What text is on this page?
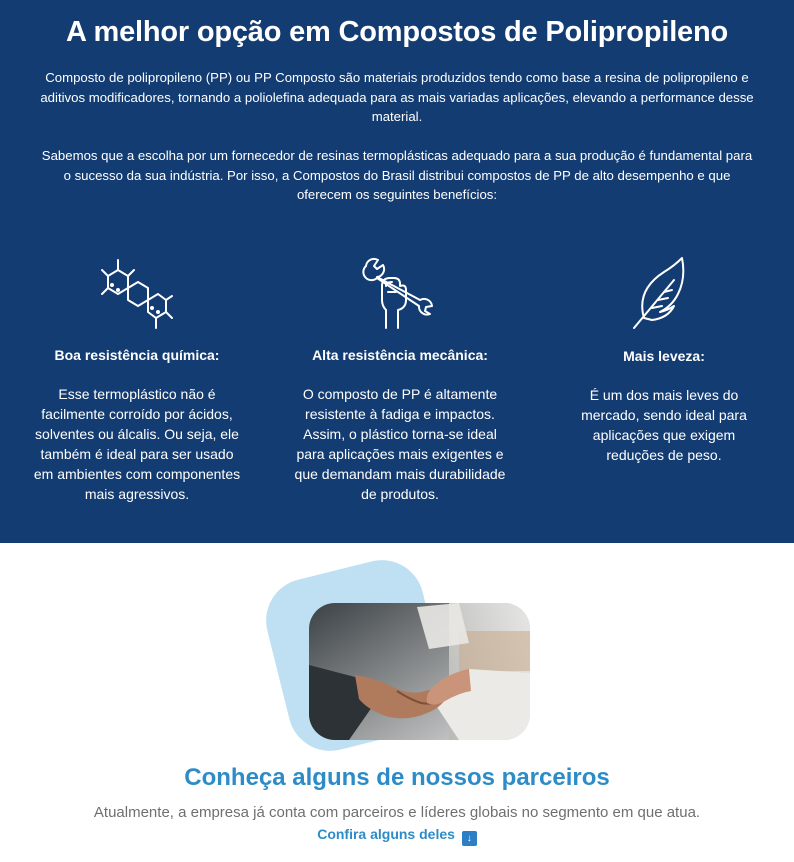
A melhor opção em Compostos de Polipropileno

Composto de polipropileno (PP) ou PP Composto são materiais produzidos tendo como base a resina de polipropileno e aditivos modificadores, tornando a poliolefina adequada para as mais variadas aplicações, elevando a performance desse material.

Sabemos que a escolha por um fornecedor de resinas termoplásticas adequado para a sua produção é fundamental para o sucesso da sua indústria. Por isso, a Compostos do Brasil distribui compostos de PP de alto desempenho e que oferecem os seguintes benefícios:

Boa resistência química:
Esse termoplástico não é facilmente corroído por ácidos, solventes ou álcalis. Ou seja, ele também é ideal para ser usado em ambientes com componentes mais agressivos.
Alta resistência mecânica:
O composto de PP é altamente resistente à fadiga e impactos. Assim, o plástico torna-se ideal para aplicações mais exigentes e que demandam mais durabilidade de produtos.
Mais leveza:
É um dos mais leves do mercado, sendo ideal para aplicações que exigem reduções de peso.
Conheça alguns de nossos parceiros

Atualmente, a empresa já conta com parceiros e líderes globais no segmento em que atua.

Confira alguns deles ↓
